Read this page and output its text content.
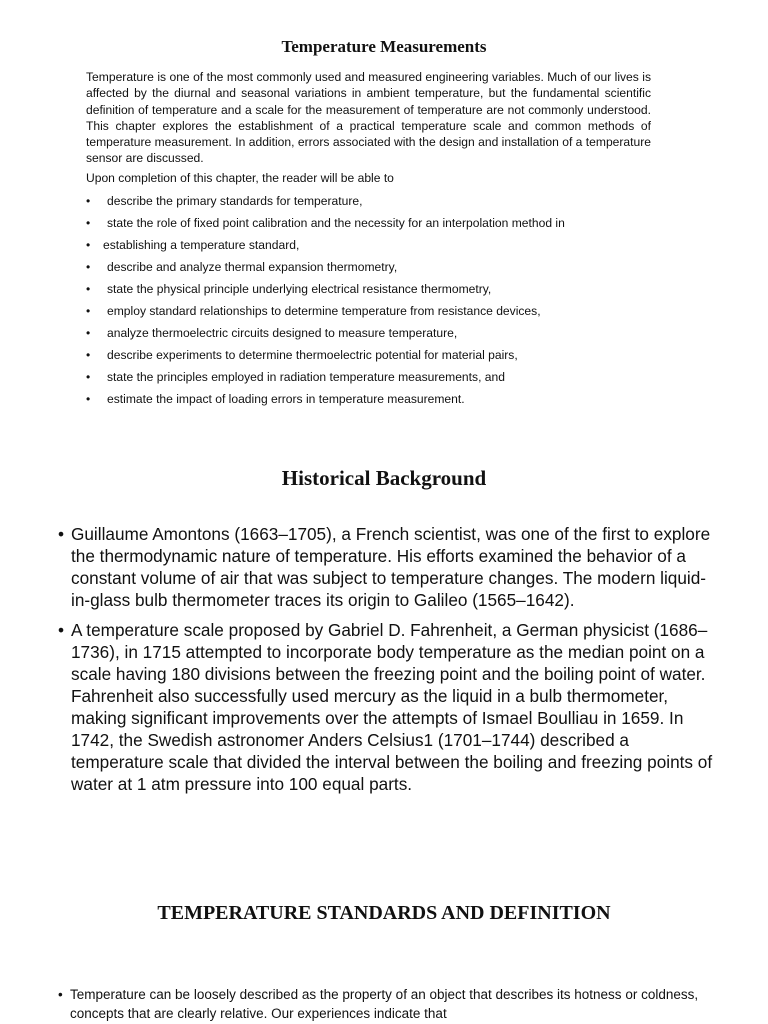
Temperature Measurements

Temperature is one of the most commonly used and measured engineering variables. Much of our lives is affected by the diurnal and seasonal variations in ambient temperature, but the fundamental scientific definition of temperature and a scale for the measurement of temperature are not commonly understood. This chapter explores the establishment of a practical temperature scale and common methods of temperature measurement. In addition, errors associated with the design and installation of a temperature sensor are discussed.

Upon completion of this chapter, the reader will be able to

• describe the primary standards for temperature,
• state the role of fixed point calibration and the necessity for an interpolation method in
• establishing a temperature standard,
• describe and analyze thermal expansion thermometry,
• state the physical principle underlying electrical resistance thermometry,
• employ standard relationships to determine temperature from resistance devices,
• analyze thermoelectric circuits designed to measure temperature,
• describe experiments to determine thermoelectric potential for material pairs,
• state the principles employed in radiation temperature measurements, and
• estimate the impact of loading errors in temperature measurement.
Historical Background
• Guillaume Amontons (1663–1705), a French scientist, was one of the first to explore the thermodynamic nature of temperature. His efforts examined the behavior of a constant volume of air that was subject to temperature changes. The modern liquid-in-glass bulb thermometer traces its origin to Galileo (1565–1642).
• A temperature scale proposed by Gabriel D. Fahrenheit, a German physicist (1686–1736), in 1715 attempted to incorporate body temperature as the median point on a scale having 180 divisions between the freezing point and the boiling point of water. Fahrenheit also successfully used mercury as the liquid in a bulb thermometer, making significant improvements over the attempts of Ismael Boulliau in 1659. In 1742, the Swedish astronomer Anders Celsius1 (1701–1744) described a temperature scale that divided the interval between the boiling and freezing points of water at 1 atm pressure into 100 equal parts.
TEMPERATURE STANDARDS AND DEFINITION
• Temperature can be loosely described as the property of an object that describes its hotness or coldness, concepts that are clearly relative. Our experiences indicate that
